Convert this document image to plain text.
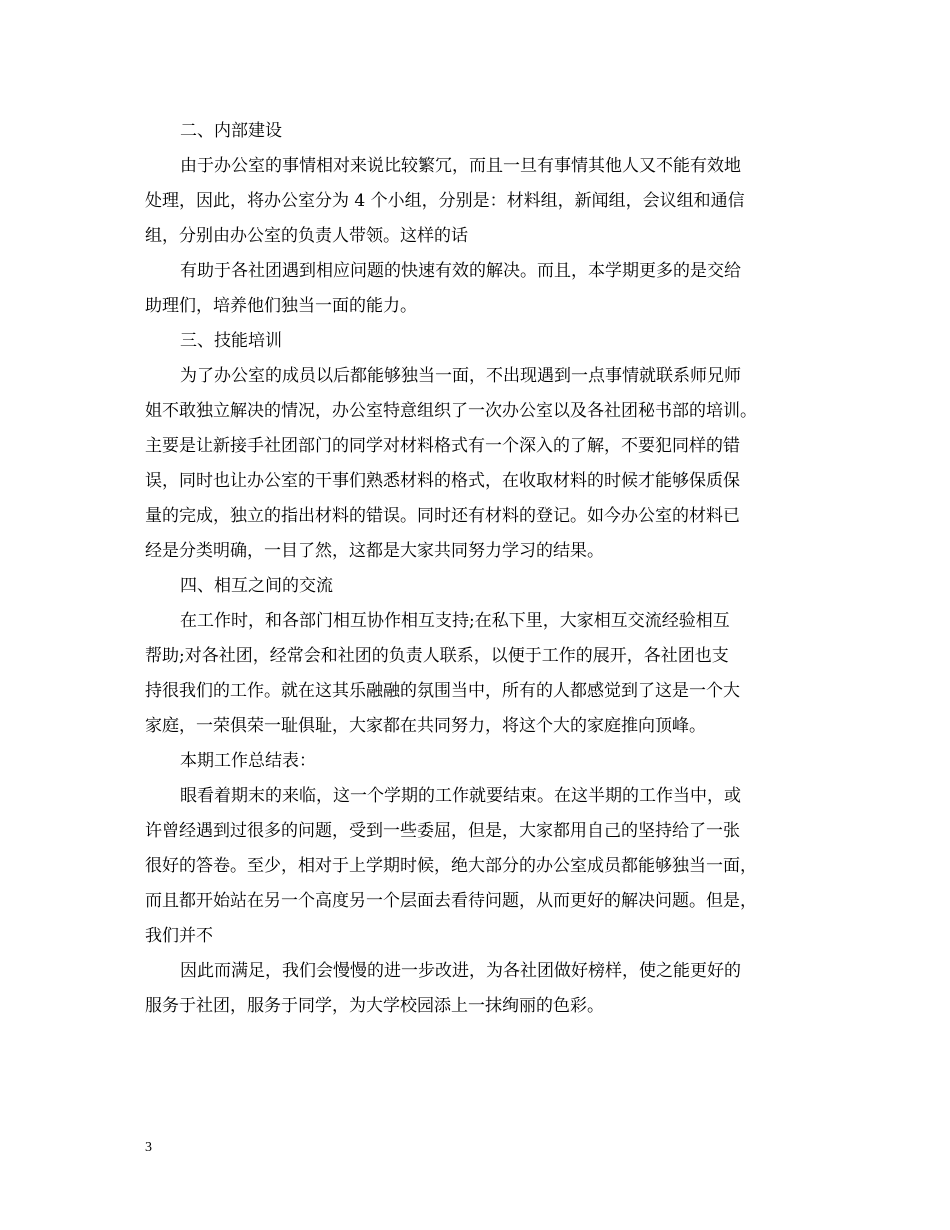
二、内部建设
由于办公室的事情相对来说比较繁冗，而且一旦有事情其他人又不能有效地
处理，因此，将办公室分为 4 个小组，分别是：材料组，新闻组，会议组和通信
组，分别由办公室的负责人带领。这样的话
有助于各社团遇到相应问题的快速有效的解决。而且，本学期更多的是交给
助理们，培养他们独当一面的能力。
三、技能培训
为了办公室的成员以后都能够独当一面，不出现遇到一点事情就联系师兄师
姐不敢独立解决的情况，办公室特意组织了一次办公室以及各社团秘书部的培训。
主要是让新接手社团部门的同学对材料格式有一个深入的了解，不要犯同样的错
误，同时也让办公室的干事们熟悉材料的格式，在收取材料的时候才能够保质保
量的完成，独立的指出材料的错误。同时还有材料的登记。如今办公室的材料已
经是分类明确，一目了然，这都是大家共同努力学习的结果。
四、相互之间的交流
在工作时，和各部门相互协作相互支持;在私下里，大家相互交流经验相互
帮助;对各社团，经常会和社团的负责人联系，以便于工作的展开，各社团也支
持很我们的工作。就在这其乐融融的氛围当中，所有的人都感觉到了这是一个大
家庭，一荣俱荣一耻俱耻，大家都在共同努力，将这个大的家庭推向顶峰。
本期工作总结表：
眼看着期末的来临，这一个学期的工作就要结束。在这半期的工作当中，或
许曾经遇到过很多的问题，受到一些委屈，但是，大家都用自己的坚持给了一张
很好的答卷。至少，相对于上学期时候，绝大部分的办公室成员都能够独当一面，
而且都开始站在另一个高度另一个层面去看待问题，从而更好的解决问题。但是，
我们并不
因此而满足，我们会慢慢的进一步改进，为各社团做好榜样，使之能更好的
服务于社团，服务于同学，为大学校园添上一抹绚丽的色彩。
3
